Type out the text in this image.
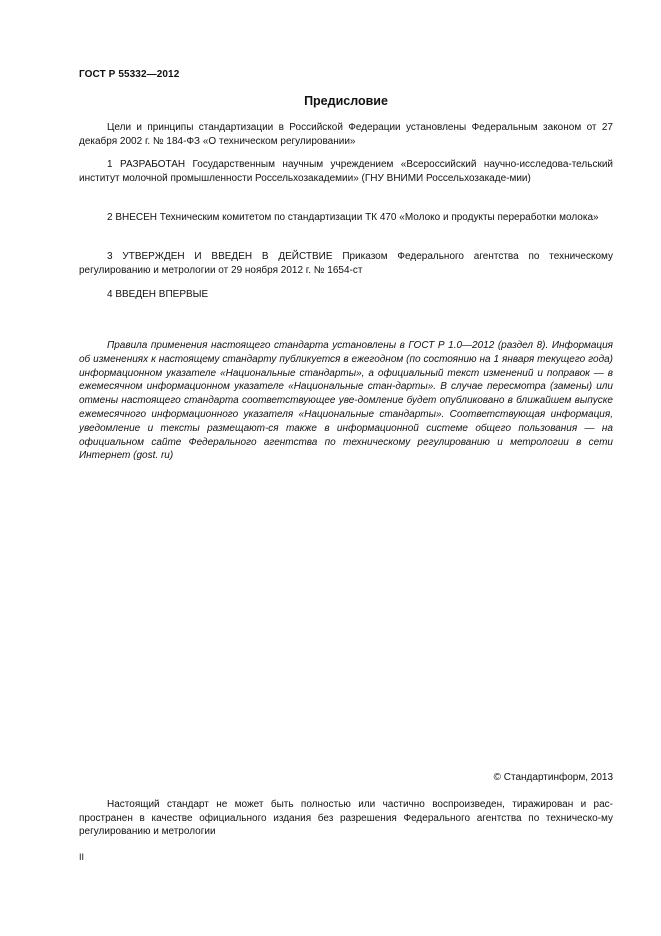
ГОСТ Р 55332—2012
Предисловие
Цели и принципы стандартизации в Российской Федерации установлены Федеральным законом от 27 декабря 2002 г. № 184-ФЗ «О техническом регулировании»
1 РАЗРАБОТАН Государственным научным учреждением «Всероссийский научно-исследова-тельский институт молочной промышленности Россельхозакадемии» (ГНУ ВНИМИ Россельхозакаде-мии)
2 ВНЕСЕН Техническим комитетом по стандартизации ТК 470 «Молоко и продукты переработки молока»
3 УТВЕРЖДЕН И ВВЕДЕН В ДЕЙСТВИЕ Приказом Федерального агентства по техническому регулированию и метрологии от 29 ноября 2012 г. № 1654-ст
4 ВВЕДЕН ВПЕРВЫЕ
Правила применения настоящего стандарта установлены в ГОСТ Р 1.0—2012 (раздел 8). Информация об изменениях к настоящему стандарту публикуется в ежегодном (по состоянию на 1 января текущего года) информационном указателе «Национальные стандарты», а официальный текст изменений и поправок — в ежемесячном информационном указателе «Национальные стан-дарты». В случае пересмотра (замены) или отмены настоящего стандарта соответствующее уве-домление будет опубликовано в ближайшем выпуске ежемесячного информационного указателя «Национальные стандарты». Соответствующая информация, уведомление и тексты размещают-ся также в информационной системе общего пользования — на официальном сайте Федерального агентства по техническому регулированию и метрологии в сети Интернет (gost. ru)
© Стандартинформ, 2013
Настоящий стандарт не может быть полностью или частично воспроизведен, тиражирован и рас-пространен в качестве официального издания без разрешения Федерального агентства по техническо-му регулированию и метрологии
II
